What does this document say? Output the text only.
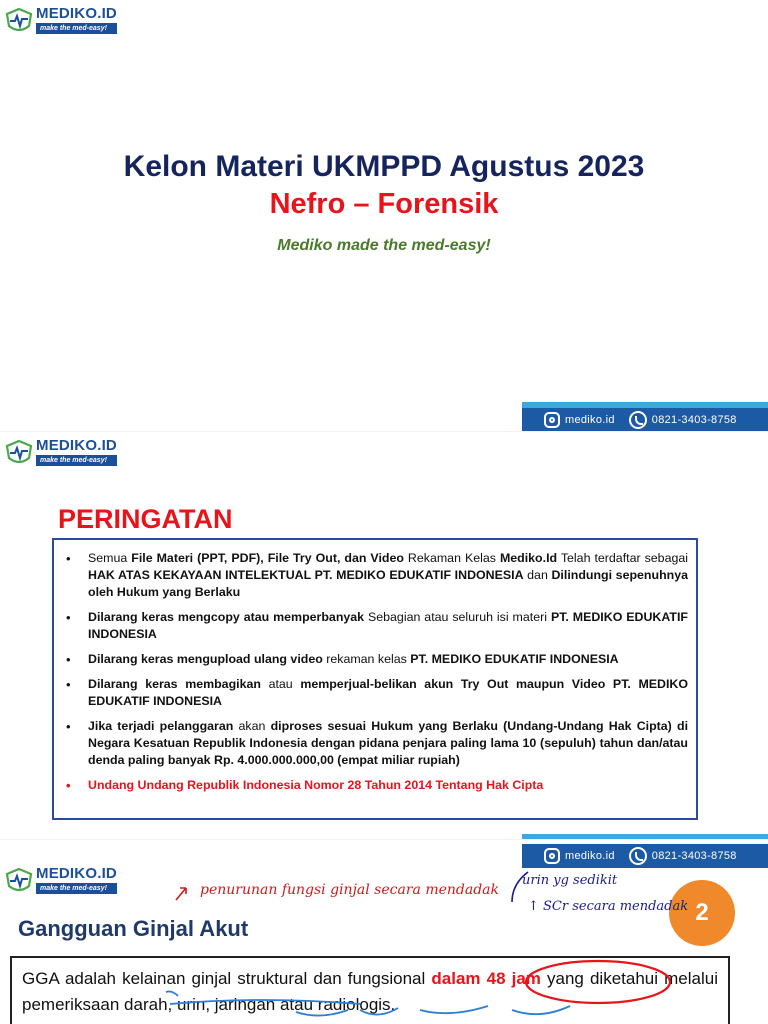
MEDIKO.ID
make the med-easy!
Kelon Materi UKMPPD Agustus 2023
Nefro – Forensik
Mediko made the med-easy!
mediko.id	0821-3403-8758
MEDIKO.ID
make the med-easy!
PERINGATAN
• Semua File Materi (PPT, PDF), File Try Out, dan Video Rekaman Kelas Mediko.Id Telah terdaftar sebagai HAK ATAS KEKAYAAN INTELEKTUAL PT. MEDIKO EDUKATIF INDONESIA dan Dilindungi sepenuhnya oleh Hukum yang Berlaku
• Dilarang keras mengcopy atau memperbanyak Sebagian atau seluruh isi materi PT. MEDIKO EDUKATIF INDONESIA
• Dilarang keras mengupload ulang video rekaman kelas PT. MEDIKO EDUKATIF INDONESIA
• Dilarang keras membagikan atau memperjual-belikan akun Try Out maupun Video PT. MEDIKO EDUKATIF INDONESIA
• Jika terjadi pelanggaran akan diproses sesuai Hukum yang Berlaku (Undang-Undang Hak Cipta) di Negara Kesatuan Republik Indonesia dengan pidana penjara paling lama 10 (sepuluh) tahun dan/atau denda paling banyak Rp. 4.000.000.000,00 (empat miliar rupiah)
• Undang Undang Republik Indonesia Nomor 28 Tahun 2014 Tentang Hak Cipta
mediko.id	0821-3403-8758
MEDIKO.ID
make the med-easy!
2
Gangguan Ginjal Akut
GGA adalah kelainan ginjal struktural dan fungsional dalam 48 jam yang diketahui melalui pemeriksaan darah, urin, jaringan atau radiologis.
penurunan fungsi ginjal secara mendadak
urin yg sedikit
↑ SCr secara mendadak
